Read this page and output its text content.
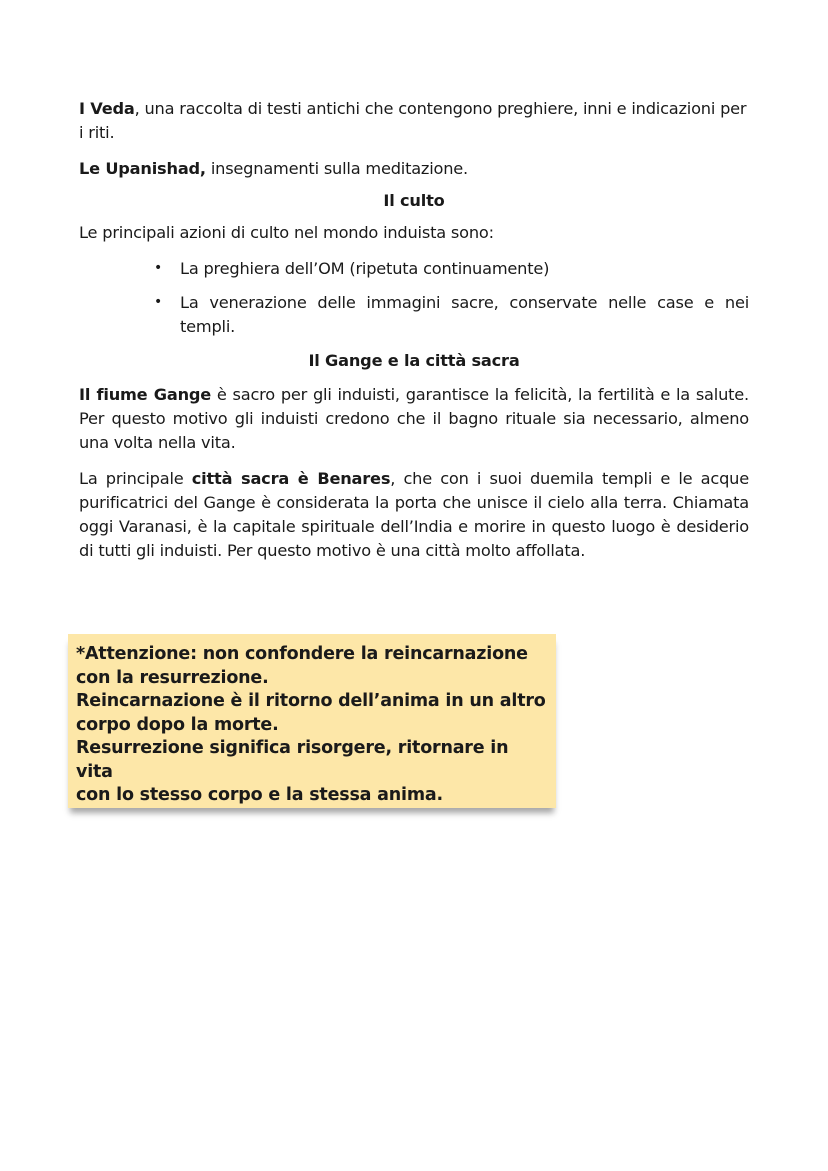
I Veda, una raccolta di testi antichi che contengono preghiere, inni e indicazioni per i riti.

Le Upanishad, insegnamenti sulla meditazione.

Il culto

Le principali azioni di culto nel mondo induista sono:

• La preghiera dell’OM (ripetuta continuamente)
• La venerazione delle immagini sacre, conservate nelle case e nei templi.

Il Gange e la città sacra

Il fiume Gange è sacro per gli induisti, garantisce la felicità, la fertilità e la salute. Per questo motivo gli induisti credono che il bagno rituale sia necessario, almeno una volta nella vita.

La principale città sacra è Benares, che con i suoi duemila templi e le acque purificatrici del Gange è considerata la porta che unisce il cielo alla terra. Chiamata oggi Varanasi, è la capitale spirituale dell’India e morire in questo luogo è desiderio di tutti gli induisti. Per questo motivo è una città molto affollata.

*Attenzione: non confondere la reincarnazione

con la resurrezione.

Reincarnazione è il ritorno dell’anima in un altro

corpo dopo la morte.

Resurrezione significa risorgere, ritornare in vita

con lo stesso corpo e la stessa anima.
